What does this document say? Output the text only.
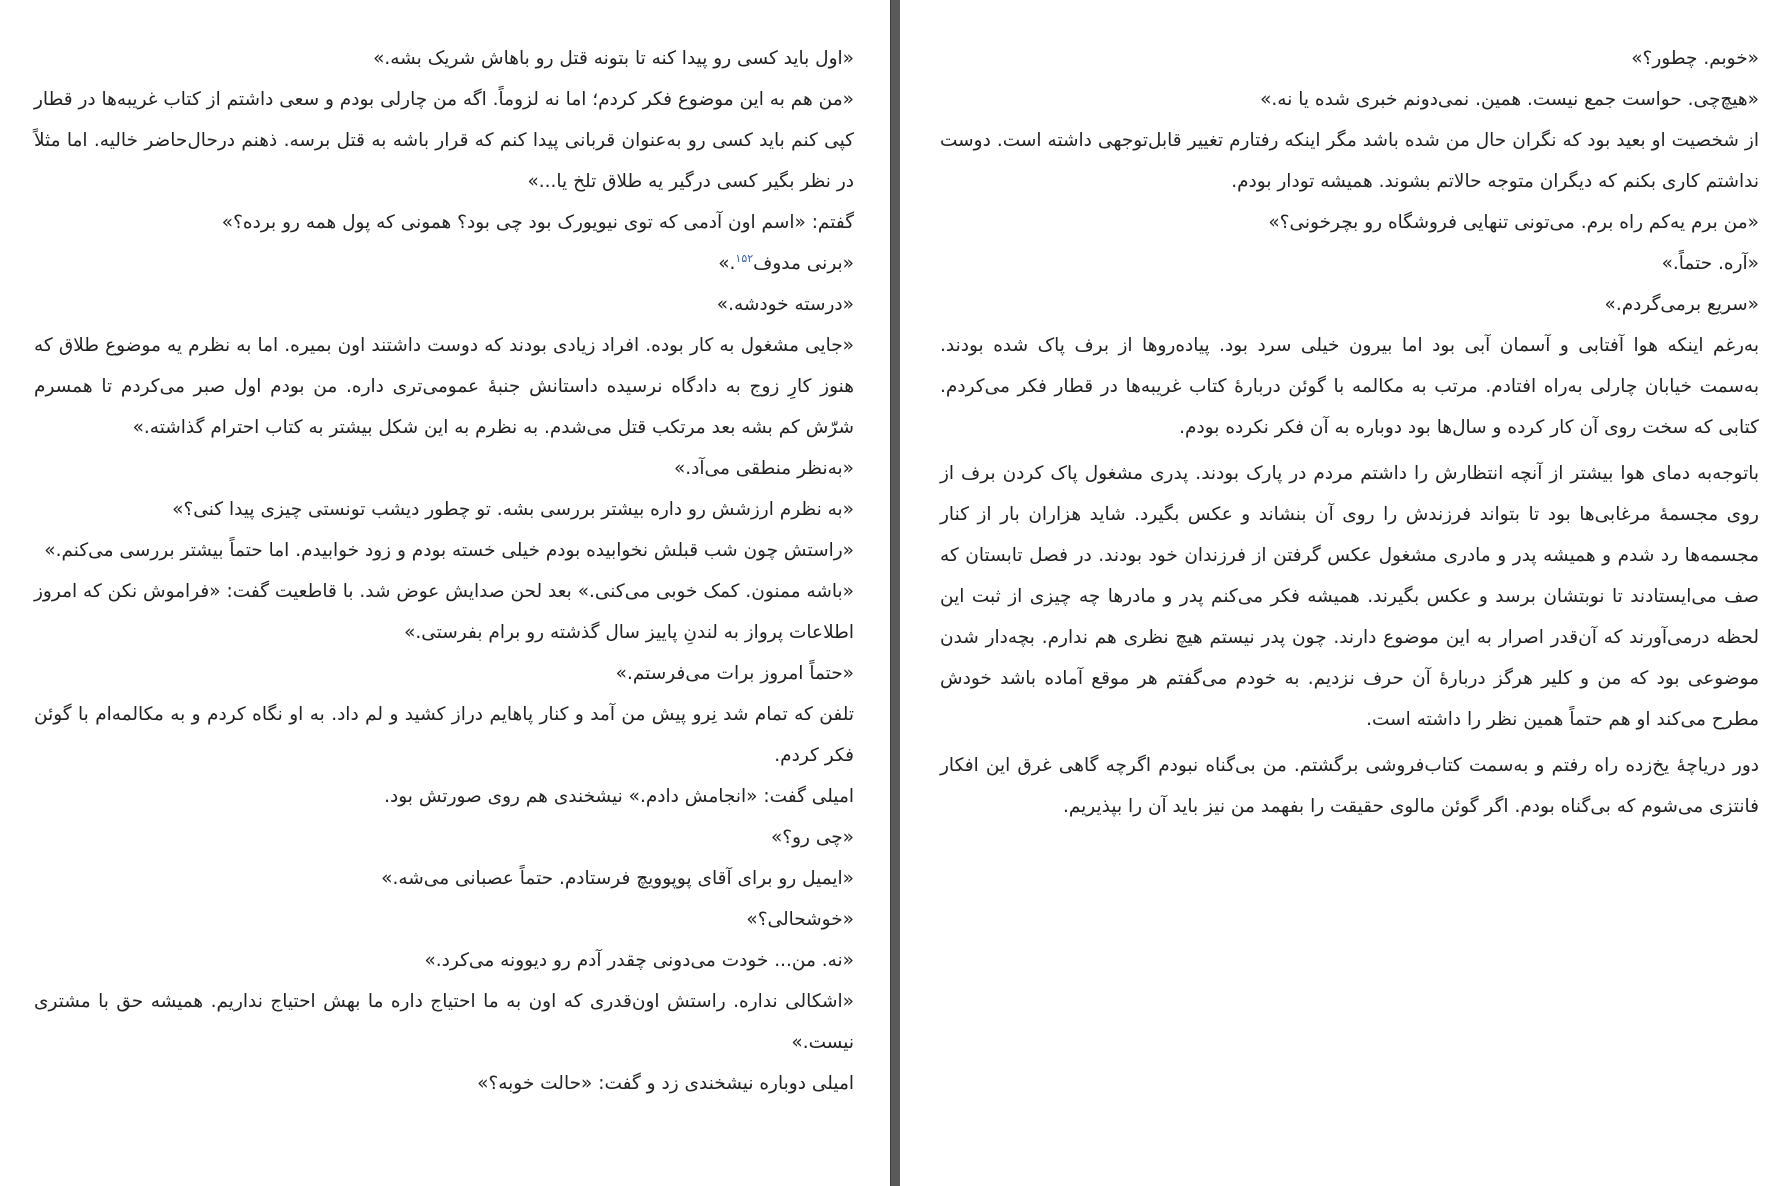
«اول باید کسی رو پیدا کنه تا بتونه قتل رو باهاش شریک بشه.»

«من هم به این موضوع فکر کردم؛ اما نه لزوماً. اگه من چارلی بودم و سعی داشتم از کتاب غریبه‌ها در قطار کپی کنم باید کسی رو به‌عنوان قربانی پیدا کنم که قرار باشه به قتل برسه. ذهنم درحال‌حاضر خالیه. اما مثلاً در نظر بگیر کسی درگیر یه طلاق تلخ یا...»

گفتم: «اسم اون آدمی که توی نیویورک بود چی بود؟ همونی که پول همه رو برده؟»

«برنی مدوف$^{۱۵۲}$.»

«درسته خودشه.»

«جایی مشغول به کار بوده. افراد زیادی بودند که دوست داشتند اون بمیره. اما به نظرم یه موضوع طلاق که هنوز کارِ زوج به دادگاه نرسیده داستانش جنبهٔ عمومی‌تری داره. من بودم اول صبر می‌کردم تا همسرم شرّش کم بشه بعد مرتکب قتل می‌شدم. به نظرم به این شکل بیشتر به کتاب احترام گذاشته.»

«به‌نظر منطقی می‌آد.»

«به نظرم ارزشش رو داره بیشتر بررسی بشه. تو چطور دیشب تونستی چیزی پیدا کنی؟»

«راستش چون شب قبلش نخوابیده بودم خیلی خسته بودم و زود خوابیدم. اما حتماً بیشتر بررسی می‌کنم.»

«باشه ممنون. کمک خوبی می‌کنی.» بعد لحن صدایش عوض شد. با قاطعیت گفت: «فراموش نکن که امروز اطلاعات پرواز به لندنِ پاییز سال گذشته رو برام بفرستی.»

«حتماً امروز برات می‌فرستم.»

تلفن که تمام شد نِرو پیش من آمد و کنار پاهایم دراز کشید و لم داد. به او نگاه کردم و به مکالمه‌ام با گوئن فکر کردم.

امیلی گفت: «انجامش دادم.» نیشخندی هم روی صورتش بود.

«چی رو؟»

«ایمیل رو برای آقای پوپوویچ فرستادم. حتماً عصبانی می‌شه.»

«خوشحالی؟»

«نه. من... خودت می‌دونی چقدر آدم رو دیوونه می‌کرد.»

«اشکالی نداره. راستش اون‌قدری که اون به ما احتیاج داره ما بهش احتیاج نداریم. همیشه حق با مشتری نیست.»

امیلی دوباره نیشخندی زد و گفت: «حالت خوبه؟»

«خوبم. چطور؟»

«هیچ‌چی. حواست جمع نیست. همین. نمی‌دونم خبری شده یا نه.»

از شخصیت او بعید بود که نگران حال من شده باشد مگر اینکه رفتارم تغییر قابل‌توجهی داشته است. دوست نداشتم کاری بکنم که دیگران متوجه حالاتم بشوند. همیشه تودار بودم.

«من برم یه‌کم راه برم. می‌تونی تنهایی فروشگاه رو بچرخونی؟»

«آره. حتماً.»

«سریع برمی‌گردم.»

به‌رغم اینکه هوا آفتابی و آسمان آبی بود اما بیرون خیلی سرد بود. پیاده‌روها از برف پاک شده بودند. به‌سمت خیابان چارلی به‌راه افتادم. مرتب به مکالمه با گوئن دربارهٔ کتاب غریبه‌ها در قطار فکر می‌کردم. کتابی که سخت روی آن کار کرده و سال‌ها بود دوباره به آن فکر نکرده بودم.

باتوجه‌به دمای هوا بیشتر از آنچه انتظارش را داشتم مردم در پارک بودند. پدری مشغول پاک کردن برف از روی مجسمهٔ مرغابی‌ها بود تا بتواند فرزندش را روی آن بنشاند و عکس بگیرد. شاید هزاران بار از کنار مجسمه‌ها رد شدم و همیشه پدر و مادری مشغول عکس گرفتن از فرزندان خود بودند. در فصل تابستان که صف می‌ایستادند تا نوبتشان برسد و عکس بگیرند. همیشه فکر می‌کنم پدر و مادرها چه چیزی از ثبت این لحظه درمی‌آورند که آن‌قدر اصرار به این موضوع دارند. چون پدر نیستم هیچ نظری هم ندارم. بچه‌دار شدن موضوعی بود که من و کلیر هرگز دربارهٔ آن حرف نزدیم. به خودم می‌گفتم هر موقع آماده باشد خودش مطرح می‌کند او هم حتماً همین نظر را داشته است.

دور دریاچهٔ یخ‌زده راه رفتم و به‌سمت کتاب‌فروشی برگشتم. من بی‌گناه نبودم اگرچه گاهی غرق این افکار فانتزی می‌شوم که بی‌گناه بودم. اگر گوئن مالوی حقیقت را بفهمد من نیز باید آن را بپذیریم.
